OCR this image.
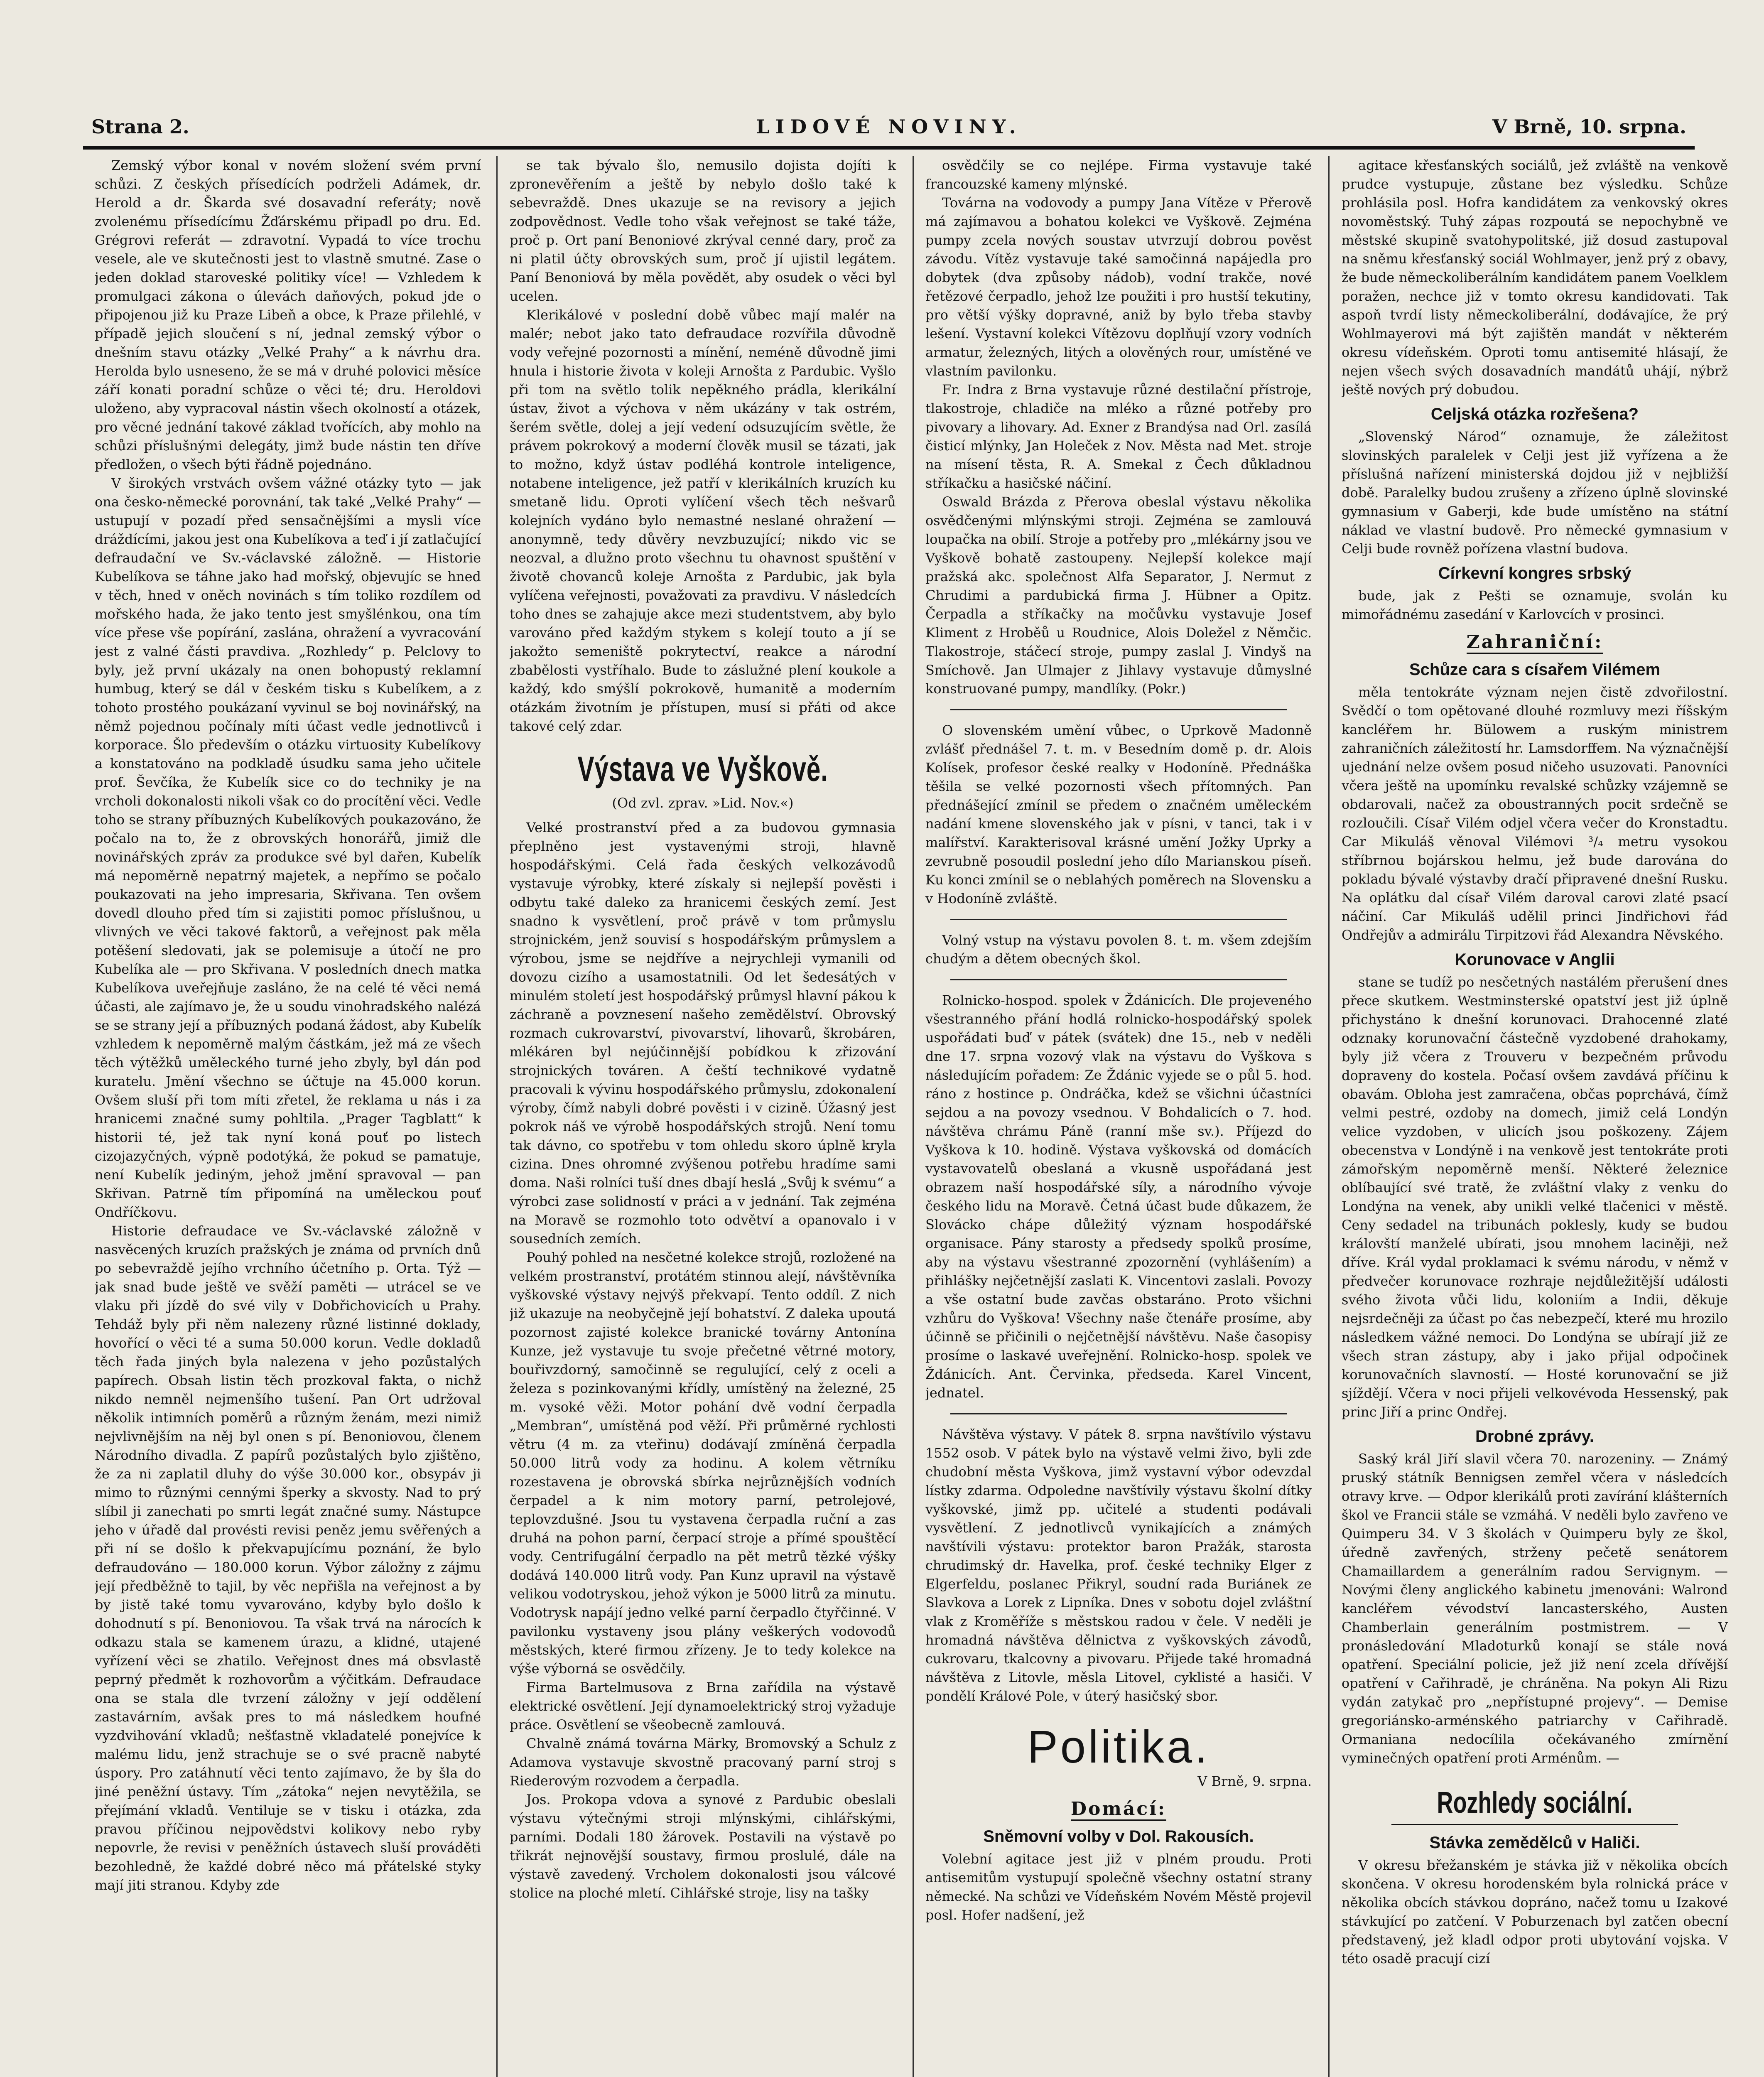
Strana 2.	LIDOVÉ NOVINY.	V Brně, 10. srpna.

Zemský výbor konal v novém složení svém první schůzi. Z českých přísedících podrželi Adámek, dr. Herold a dr. Škarda své dosavadní referáty; nově zvolenému přísedícímu Žďárskému připadl po dru. Ed. Grégrovi referát — zdravotní. Vypadá to více trochu vesele, ale ve skutečnosti jest to vlastně smutné. Zase o jeden doklad staroveské politiky více! — Vzhledem k promulgaci zákona o úlevách daňových, pokud jde o připojenou již ku Praze Libeň a obce, k Praze přilehlé, v případě jejich sloučení s ní, jednal zemský výbor o dnešním stavu otázky „Velké Prahy“ a k návrhu dra. Herolda bylo usneseno, že se má v druhé polovici měsíce září konati poradní schůze o věci té; dru. Heroldovi uloženo, aby vypracoval nástin všech okolností a otázek, pro věcné jednání takové základ tvořících, aby mohlo na schůzi příslušnými delegáty, jimž bude nástin ten dříve předložen, o všech býti řádně pojednáno.

V širokých vrstvách ovšem vážné otázky tyto — jak ona česko-německé porovnání, tak také „Velké Prahy“ — ustupují v pozadí před sensačnějšími a mysli více dráždícími, jakou jest ona Kubelíkova a teď i jí zatlačující defraudační ve Sv.-václavské záložně. — Historie Kubelíkova se táhne jako had mořský, objevujíc se hned v těch, hned v oněch novinách s tím toliko rozdílem od mořského hada, že jako tento jest smyšlénkou, ona tím více přese vše popírání, zaslána, ohražení a vyvracování jest z valné části pravdiva. „Rozhledy“ p. Pelclovy to byly, jež první ukázaly na onen bohopustý reklamní humbug, který se dál v českém tisku s Kubelíkem, a z tohoto prostého poukázaní vyvinul se boj novinářský, na němž pojednou počínaly míti účast vedle jednotlivců i korporace. Šlo především o otázku virtuosity Kubelíkovy a konstatováno na podkladě úsudku sama jeho učitele prof. Ševčíka, že Kubelík sice co do techniky je na vrcholi dokonalosti nikoli však co do procítění věci. Vedle toho se strany příbuzných Kubelíkových poukazováno, že počalo na to, že z obrovských honorářů, jimiž dle novinářských zpráv za produkce své byl dařen, Kubelík má nepoměrně nepatrný majetek, a nepřímo se počalo poukazovati na jeho impresaria, Skřivana. Ten ovšem dovedl dlouho před tím si zajistiti pomoc příslušnou, u vlivných ve věci takové faktorů, a veřejnost pak měla potěšení sledovati, jak se polemisuje a útočí ne pro Kubelíka ale — pro Skřivana. V posledních dnech matka Kubelíkova uveřejňuje zasláno, že na celé té věci nemá účasti, ale zajímavo je, že u soudu vinohradského nalézá se se strany její a příbuzných podaná žádost, aby Kubelík vzhledem k nepoměrně malým částkám, jež má ze všech těch výtěžků uměleckého turné jeho zbyly, byl dán pod kuratelu. Jmění všechno se účtuje na 45.000 korun. Ovšem sluší při tom míti zřetel, že reklama u nás i za hranicemi značné sumy pohltila. „Prager Tagblatt“ k historii té, jež tak nyní koná pouť po listech cizojazyčných, výpně podotýká, že pokud se pamatuje, není Kubelík jediným, jehož jmění spravoval — pan Skřivan. Patrně tím připomíná na uměleckou pouť Ondříčkovu.

Historie defraudace ve Sv.-václavské záložně v nasvěcených kruzích pražských je známa od prvních dnů po sebevraždě jejího vrchního účetního p. Orta. Týž — jak snad bude ještě ve svěží paměti — utrácel se ve vlaku při jízdě do své vily v Dobřichovicích u Prahy. Tehdáž byly při něm nalezeny různé listinné doklady, hovořící o věci té a suma 50.000 korun. Vedle dokladů těch řada jiných byla nalezena v jeho pozůstalých papírech. Obsah listin těch prozkoval fakta, o nichž nikdo nemněl nejmenšího tušení. Pan Ort udržoval několik intimních poměrů a různým ženám, mezi nimiž nejvlivnějším na něj byl onen s pí. Benoniovou, členem Národního divadla. Z papírů pozůstalých bylo zjištěno, že za ni zaplatil dluhy do výše 30.000 kor., obsypáv ji mimo to různými cennými šperky a skvosty. Nad to prý slíbil ji zanechati po smrti legát značné sumy. Nástupce jeho v úřadě dal provésti revisi peněz jemu svěřených a při ní se došlo k překvapujícímu poznání, že bylo defraudováno — 180.000 korun. Výbor záložny z zájmu její předběžně to tajil, by věc nepřišla na veřejnost a by by jistě také tomu vyvarováno, kdyby bylo došlo k dohodnutí s pí. Benoniovou. Ta však trvá na nárocích k odkazu stala se kamenem úrazu, a klidné, utajené vyřízení věci se zhatilo. Veřejnost dnes má obsvlastě peprný předmět k rozhovorům a výčitkám. Defraudace ona se stala dle tvrzení záložny v její oddělení zastavárním, avšak pres to má následkem houfné vyzdvihování vkladů; nešťastně vkladatelé ponejvíce k malému lidu, jenž strachuje se o své pracně nabyté úspory. Pro zatáhnutí věci tento zajímavo, že by šla do jiné peněžní ústavy. Tím „zátoka“ nejen nevytěžila, se přejímání vkladů. Ventiluje se v tisku i otázka, zda pravou příčinou nejpovědstvi kolikovy nebo ryby nepovrle, že revisi v peněžních ústavech sluší prováděti bezohledně, že každé dobré něco má přátelské styky mají jiti stranou. Kdyby zde

se tak bývalo šlo, nemusilo dojista dojíti k zpronevěřením a ještě by nebylo došlo také k sebevraždě. Dnes ukazuje se na revisory a jejich zodpovědnost. Vedle toho však veřejnost se také táže, proč p. Ort paní Benoniové zkrýval cenné dary, proč za ni platil účty obrovských sum, proč jí ujistil legátem. Paní Benoniová by měla povědět, aby osudek o věci byl ucelen.

Klerikálové v poslední době vůbec mají malér na malér; nebot jako tato defraudace rozvířila důvodně vody veřejné pozornosti a mínění, neméně důvodně jimi hnula i historie života v koleji Arnošta z Pardubic. Vyšlo při tom na světlo tolik nepěkného prádla, klerikální ústav, život a výchova v něm ukázány v tak ostrém, šerém světle, dolej a její vedení odsuzujícím světle, že právem pokrokový a moderní člověk musil se tázati, jak to možno, když ústav podléhá kontrole inteligence, notabene inteligence, jež patří v klerikálních kruzích ku smetaně lidu. Oproti vylíčení všech těch nešvarů kolejních vydáno bylo nemastné neslané ohražení — anonymně, tedy důvěry nevzbuzující; nikdo vic se neozval, a dlužno proto všechnu tu ohavnost spuštění v životě chovanců koleje Arnošta z Pardubic, jak byla vylíčena veřejnosti, považovati za pravdivu. V následcích toho dnes se zahajuje akce mezi studentstvem, aby bylo varováno před každým stykem s kolejí touto a jí se jakožto semeniště pokrytectví, reakce a národní zbabělosti vystříhalo. Bude to záslužné plení koukole a každý, kdo smýšlí pokrokově, humanitě a moderním otázkám životním je přístupen, musí si přáti od akce takové celý zdar.

Výstava ve Vyškově.
(Od zvl. zprav. »Lid. Nov.«)

Velké prostranství před a za budovou gymnasia přeplněno jest vystavenými stroji, hlavně hospodářskými. Celá řada českých velkozávodů vystavuje výrobky, které získaly si nejlepší pověsti i odbytu také daleko za hranicemi českých zemí. Jest snadno k vysvětlení, proč právě v tom průmyslu strojnickém, jenž souvisí s hospodářským průmyslem a výrobou, jsme se nejdříve a nejrychleji vymanili od dovozu cizího a usamostatnili. Od let šedesátých v minulém století jest hospodářský průmysl hlavní pákou k záchraně a povznesení našeho zemědělství. Obrovský rozmach cukrovarství, pivovarství, lihovarů, škrobáren, mlékáren byl nejúčinnější pobídkou k zřizování strojnických továren. A čeští technikové vydatně pracovali k vývinu hospodářského průmyslu, zdokonalení výroby, čímž nabyli dobré pověsti i v cizině. Úžasný jest pokrok náš ve výrobě hospodářských strojů. Není tomu tak dávno, co spotřebu v tom ohledu skoro úplně kryla cizina. Dnes ohromné zvýšenou potřebu hradíme sami doma. Naši rolníci tuší dnes dbají heslá „Svůj k svému“ a výrobci zase solidností v práci a v jednání. Tak zejména na Moravě se rozmohlo toto odvětví a opanovalo i v sousedních zemích.

Pouhý pohled na nesčetné kolekce strojů, rozložené na velkém prostranství, protátém stinnou alejí, návštěvníka vyškovské výstavy nejvýš překvapí. Tento oddíl. Z nich již ukazuje na neobyčejně její bohatství. Z daleka upoutá pozornost zajisté kolekce branické továrny Antonína Kunze, jež vystavuje tu svoje přečetné větrné motory, bouřivzdorný, samočinně se regulující, celý z oceli a železa s pozinkovanými křídly, umístěný na železné, 25 m. vysoké věži. Motor pohání dvě vodní čerpadla „Membran“, umístěná pod věží. Při průměrné rychlosti větru (4 m. za vteřinu) dodávají zmíněná čerpadla 50.000 litrů vody za hodinu. A kolem větrníku rozestavena je obrovská sbírka nejrůznějších vodních čerpadel a k nim motory parní, petrolejové, teplovzdušné. Jsou tu vystavena čerpadla ruční a zas druhá na pohon parní, čerpací stroje a přímé spouštěcí vody. Centrifugální čerpadlo na pět metrů tězké výšky dodává 140.000 litrů vody. Pan Kunz upravil na výstavě velikou vodotryskou, jehož výkon je 5000 litrů za minutu. Vodotrysk napájí jedno velké parní čerpadlo čtyřčinné. V pavilonku vystaveny jsou plány veškerých vodovodů městských, které firmou zřízeny. Je to tedy kolekce na výše výborná se osvědčily.

Firma Bartelmusova z Brna zařídila na výstavě elektrické osvětlení. Její dynamoelektrický stroj vyžaduje práce. Osvětlení se všeobecně zamlouvá.

Chvalně známá továrna Märky, Bromovský a Schulz z Adamova vystavuje skvostně pracovaný parní stroj s Riederovým rozvodem a čerpadla.

Jos. Prokopa vdova a synové z Pardubic obeslali výstavu výtečnými stroji mlýnskými, cihlářskými, parními. Dodali 180 žárovek. Postavili na výstavě po třikrát nejnovější soustavy, firmou proslulé, dále na výstavě zavedený. Vrcholem dokonalosti jsou válcové stolice na ploché mletí. Cihlářské stroje, lisy na tašky

osvědčily se co nejlépe. Firma vystavuje také francouzské kameny mlýnské.

Továrna na vodovody a pumpy Jana Vítěze v Přerově má zajímavou a bohatou kolekci ve Vyškově. Zejména pumpy zcela nových soustav utvrzují dobrou pověst závodu. Vítěz vystavuje také samočinná napájedla pro dobytek (dva způsoby nádob), vodní trakče, nové řetězové čerpadlo, jehož lze použiti i pro hustší tekutiny, pro větší výšky dopravné, aniž by bylo třeba stavby lešení. Vystavní kolekci Vítězovu doplňují vzory vodních armatur, železných, litých a olověných rour, umístěné ve vlastním pavilonku.

Fr. Indra z Brna vystavuje různé destilační přístroje, tlakostroje, chladiče na mléko a různé potřeby pro pivovary a lihovary. Ad. Exner z Brandýsa nad Orl. zasílá čisticí mlýnky, Jan Holeček z Nov. Města nad Met. stroje na mísení těsta, R. A. Smekal z Čech důkladnou stříkačku a hasičské náčiní.

Oswald Brázda z Přerova obeslal výstavu několika osvědčenými mlýnskými stroji. Zejména se zamlouvá loupačka na obilí. Stroje a potřeby pro „mlékárny jsou ve Vyškově bohatě zastoupeny. Nejlepší kolekce mají pražská akc. společnost Alfa Separator, J. Nermut z Chrudimi a pardubická firma J. Hübner a Opitz. Čerpadla a stříkačky na močůvku vystavuje Josef Kliment z Hroběů u Roudnice, Alois Doležel z Němčic. Tlakostroje, stáčecí stroje, pumpy zaslal J. Vindyš na Smíchově. Jan Ulmajer z Jihlavy vystavuje důmyslné konstruované pumpy, mandlíky. (Pokr.)

O slovenském umění vůbec, o Uprkově Madonně zvlášť přednášel 7. t. m. v Besedním domě p. dr. Alois Kolísek, profesor české realky v Hodoníně. Přednáška těšila se velké pozornosti všech přítomných. Pan přednášející zmínil se předem o značném uměleckém nadání kmene slovenského jak v písni, v tanci, tak i v malířství. Karakterisoval krásné umění Jožky Uprky a zevrubně posoudil poslední jeho dílo Marianskou píseň. Ku konci zmínil se o neblahých poměrech na Slovensku a v Hodoníně zvláště.

Volný vstup na výstavu povolen 8. t. m. všem zdejším chudým a dětem obecných škol.

Rolnicko-hospod. spolek v Ždánicích. Dle projeveného všestranného přání hodlá rolnicko-hospodářský spolek uspořádati buď v pátek (svátek) dne 15., neb v neděli dne 17. srpna vozový vlak na výstavu do Vyškova s následujícím pořadem: Ze Ždánic vyjede se o půl 5. hod. ráno z hostince p. Ondráčka, kdež se všichni účastníci sejdou a na povozy vsednou. V Bohdalicích o 7. hod. návštěva chrámu Páně (ranní mše sv.). Příjezd do Vyškova k 10. hodině. Výstava vyškovská od domácích vystavovatelů obeslaná a vkusně uspořádaná jest obrazem naší hospodářské síly, a národního vývoje českého lidu na Moravě. Četná účast bude důkazem, že Slovácko chápe důležitý význam hospodářské organisace. Pány starosty a předsedy spolků prosíme, aby na výstavu všestranné zpozornění (vyhlášením) a přihlášky nejčetnější zaslati K. Vincentovi zaslali. Povozy a vše ostatní bude zavčas obstaráno. Proto všichni vzhůru do Vyškova! Všechny naše čtenáře prosíme, aby účinně se přičinili o nejčetnější návštěvu. Naše časopisy prosíme o laskavé uveřejnění. Rolnicko-hosp. spolek ve Ždánicích. Ant. Červinka, předseda. Karel Vincent, jednatel.

Návštěva výstavy. V pátek 8. srpna navštívilo výstavu 1552 osob. V pátek bylo na výstavě velmi živo, byli zde chudobní města Vyškova, jimž vystavní výbor odevzdal lístky zdarma. Odpoledne navštívily výstavu školní dítky vyškovské, jimž pp. učitelé a studenti podávali vysvětlení. Z jednotlivců vynikajících a známých navštívili výstavu: protektor baron Pražák, starosta chrudimský dr. Havelka, prof. české techniky Elger z Elgerfeldu, poslanec Přikryl, soudní rada Buriánek ze Slavkova a Lorek z Lipníka. Dnes v sobotu dojel zvláštní vlak z Kroměříže s městskou radou v čele. V neděli je hromadná návštěva dělnictva z vyškovských závodů, cukrovaru, tkalcovny a pivovaru. Přijede také hromadná návštěva z Litovle, měsla Litovel, cyklisté a hasiči. V pondělí Králové Pole, v úterý hasičský sbor.

Politika.
V Brně, 9. srpna.
Domácí:
Sněmovní volby v Dol. Rakousích.

Volební agitace jest již v plném proudu. Proti antisemitům vystupují společně všechny ostatní strany německé. Na schůzi ve Vídeňském Novém Městě projevil posl. Hofer nadšení, jež

agitace křesťanských sociálů, jež zvláště na venkově prudce vystupuje, zůstane bez výsledku. Schůze prohlásila posl. Hofra kandidátem za venkovský okres novoměstský. Tuhý zápas rozpoutá se nepochybně ve městské skupině svatohypolitské, již dosud zastupoval na sněmu křesťanský sociál Wohlmayer, jenž prý z obavy, že bude německoliberálním kandidátem panem Voelklem poražen, nechce již v tomto okresu kandidovati. Tak aspoň tvrdí listy německoliberální, dodávajíce, že prý Wohlmayerovi má být zajištěn mandát v některém okresu vídeňském. Oproti tomu antisemité hlásají, že nejen všech svých dosavadních mandátů uhájí, nýbrž ještě nových prý dobudou.

Celjská otázka rozřešena?

„Slovenský Národ“ oznamuje, že záležitost slovinských paralelek v Celji jest již vyřízena a že příslušná nařízení ministerská dojdou již v nejbližší době. Paralelky budou zrušeny a zřízeno úplně slovinské gymnasium v Gaberji, kde bude umístěno na státní náklad ve vlastní budově. Pro německé gymnasium v Celji bude rovněž pořízena vlastní budova.

Církevní kongres srbský

bude, jak z Pešti se oznamuje, svolán ku mimořádnému zasedání v Karlovcích v prosinci.

Zahraniční:
Schůze cara s císařem Vilémem

měla tentokráte význam nejen čistě zdvořilostní. Svědčí o tom opětované dlouhé rozmluvy mezi říšským kancléřem hr. Bülowem a ruským ministrem zahraničních záležitostí hr. Lamsdorffem. Na význačnější ujednání nelze ovšem posud ničeho usuzovati. Panovníci včera ještě na upomínku revalské schůzky vzájemně se obdarovali, načež za oboustranných pocit srdečně se rozloučili. Císař Vilém odjel včera večer do Kronstadtu. Car Mikuláš věnoval Vilémovi ³/₄ metru vysokou stříbrnou bojárskou helmu, jež bude darována do pokladu bývalé výstavby dračí připravené dnešní Rusku. Na oplátku dal císař Vilém daroval carovi zlaté psací náčiní. Car Mikuláš udělil princi Jindřichovi řád Ondřejův a admirálu Tirpitzovi řád Alexandra Něvského.

Korunovace v Anglii

stane se tudíž po nesčetných nastálém přerušení dnes přece skutkem. Westminsterské opatství jest již úplně přichystáno k dnešní korunovaci. Drahocenné zlaté odznaky korunovační částečně vyzdobené drahokamy, byly již včera z Trouveru v bezpečném průvodu dopraveny do kostela. Počasí ovšem zavdává příčinu k obavám. Obloha jest zamračena, občas poprchává, čímž velmi pestré, ozdoby na domech, jimiž celá Londýn velice vyzdoben, v ulicích jsou poškozeny. Zájem obecenstva v Londýně i na venkově jest tentokráte proti zámořským nepoměrně menší. Některé železnice oblíbaující své tratě, že zvláštní vlaky z venku do Londýna na venek, aby unikli velké tlačenici v městě. Ceny sedadel na tribunách poklesly, kudy se budou královští manželé ubírati, jsou mnohem laciněji, než dříve. Král vydal proklamaci k svému národu, v němž v předvečer korunovace rozhraje nejdůležitější události svého života vůči lidu, koloniím a Indii, děkuje nejsrdečněji za účast po čas nebezpečí, které mu hrozilo následkem vážné nemoci. Do Londýna se ubírají již ze všech stran zástupy, aby i jako přijal odpočinek korunovačních slavností. — Hosté korunovační se již sjíždějí. Včera v noci přijeli velkovévoda Hessenský, pak princ Jiří a princ Ondřej.

Drobné zprávy.

Saský král Jiří slavil včera 70. narozeniny. — Známý pruský státník Bennigsen zemřel včera v následcích otravy krve. — Odpor klerikálů proti zavírání klášterních škol ve Francii stále se vzmáhá. V neděli bylo zavřeno ve Quimperu 34. V 3 školách v Quimperu byly ze škol, úředně zavřených, strženy pečetě senátorem Chamaillardem a generálním radou Servignym. — Novými členy anglického kabinetu jmenováni: Walrond kancléřem vévodství lancasterského, Austen Chamberlain generálním postmistrem. — V pronásledování Mladoturků konají se stále nová opatření. Speciální policie, jež již není zcela dřívější opatření v Cařihradě, je chráněna. Na pokyn Ali Rizu vydán zatykač pro „nepřístupné projevy“. — Demise gregoriánsko-arménského patriarchy v Cařihradě. Ormaniana nedocílila očekávaného zmírnění vyminečných opatření proti Arménům. —

Rozhledy sociální.
Stávka zemědělců v Haliči.

V okresu břežanském je stávka již v několika obcích skončena. V okresu horodenském byla rolnická práce v několika obcích stávkou dopráno, načež tomu u Izakové stávkující po zatčení. V Poburzenach byl zatčen obecní představený, jež kladl odpor proti ubytování vojska. V této osadě pracují cizí
